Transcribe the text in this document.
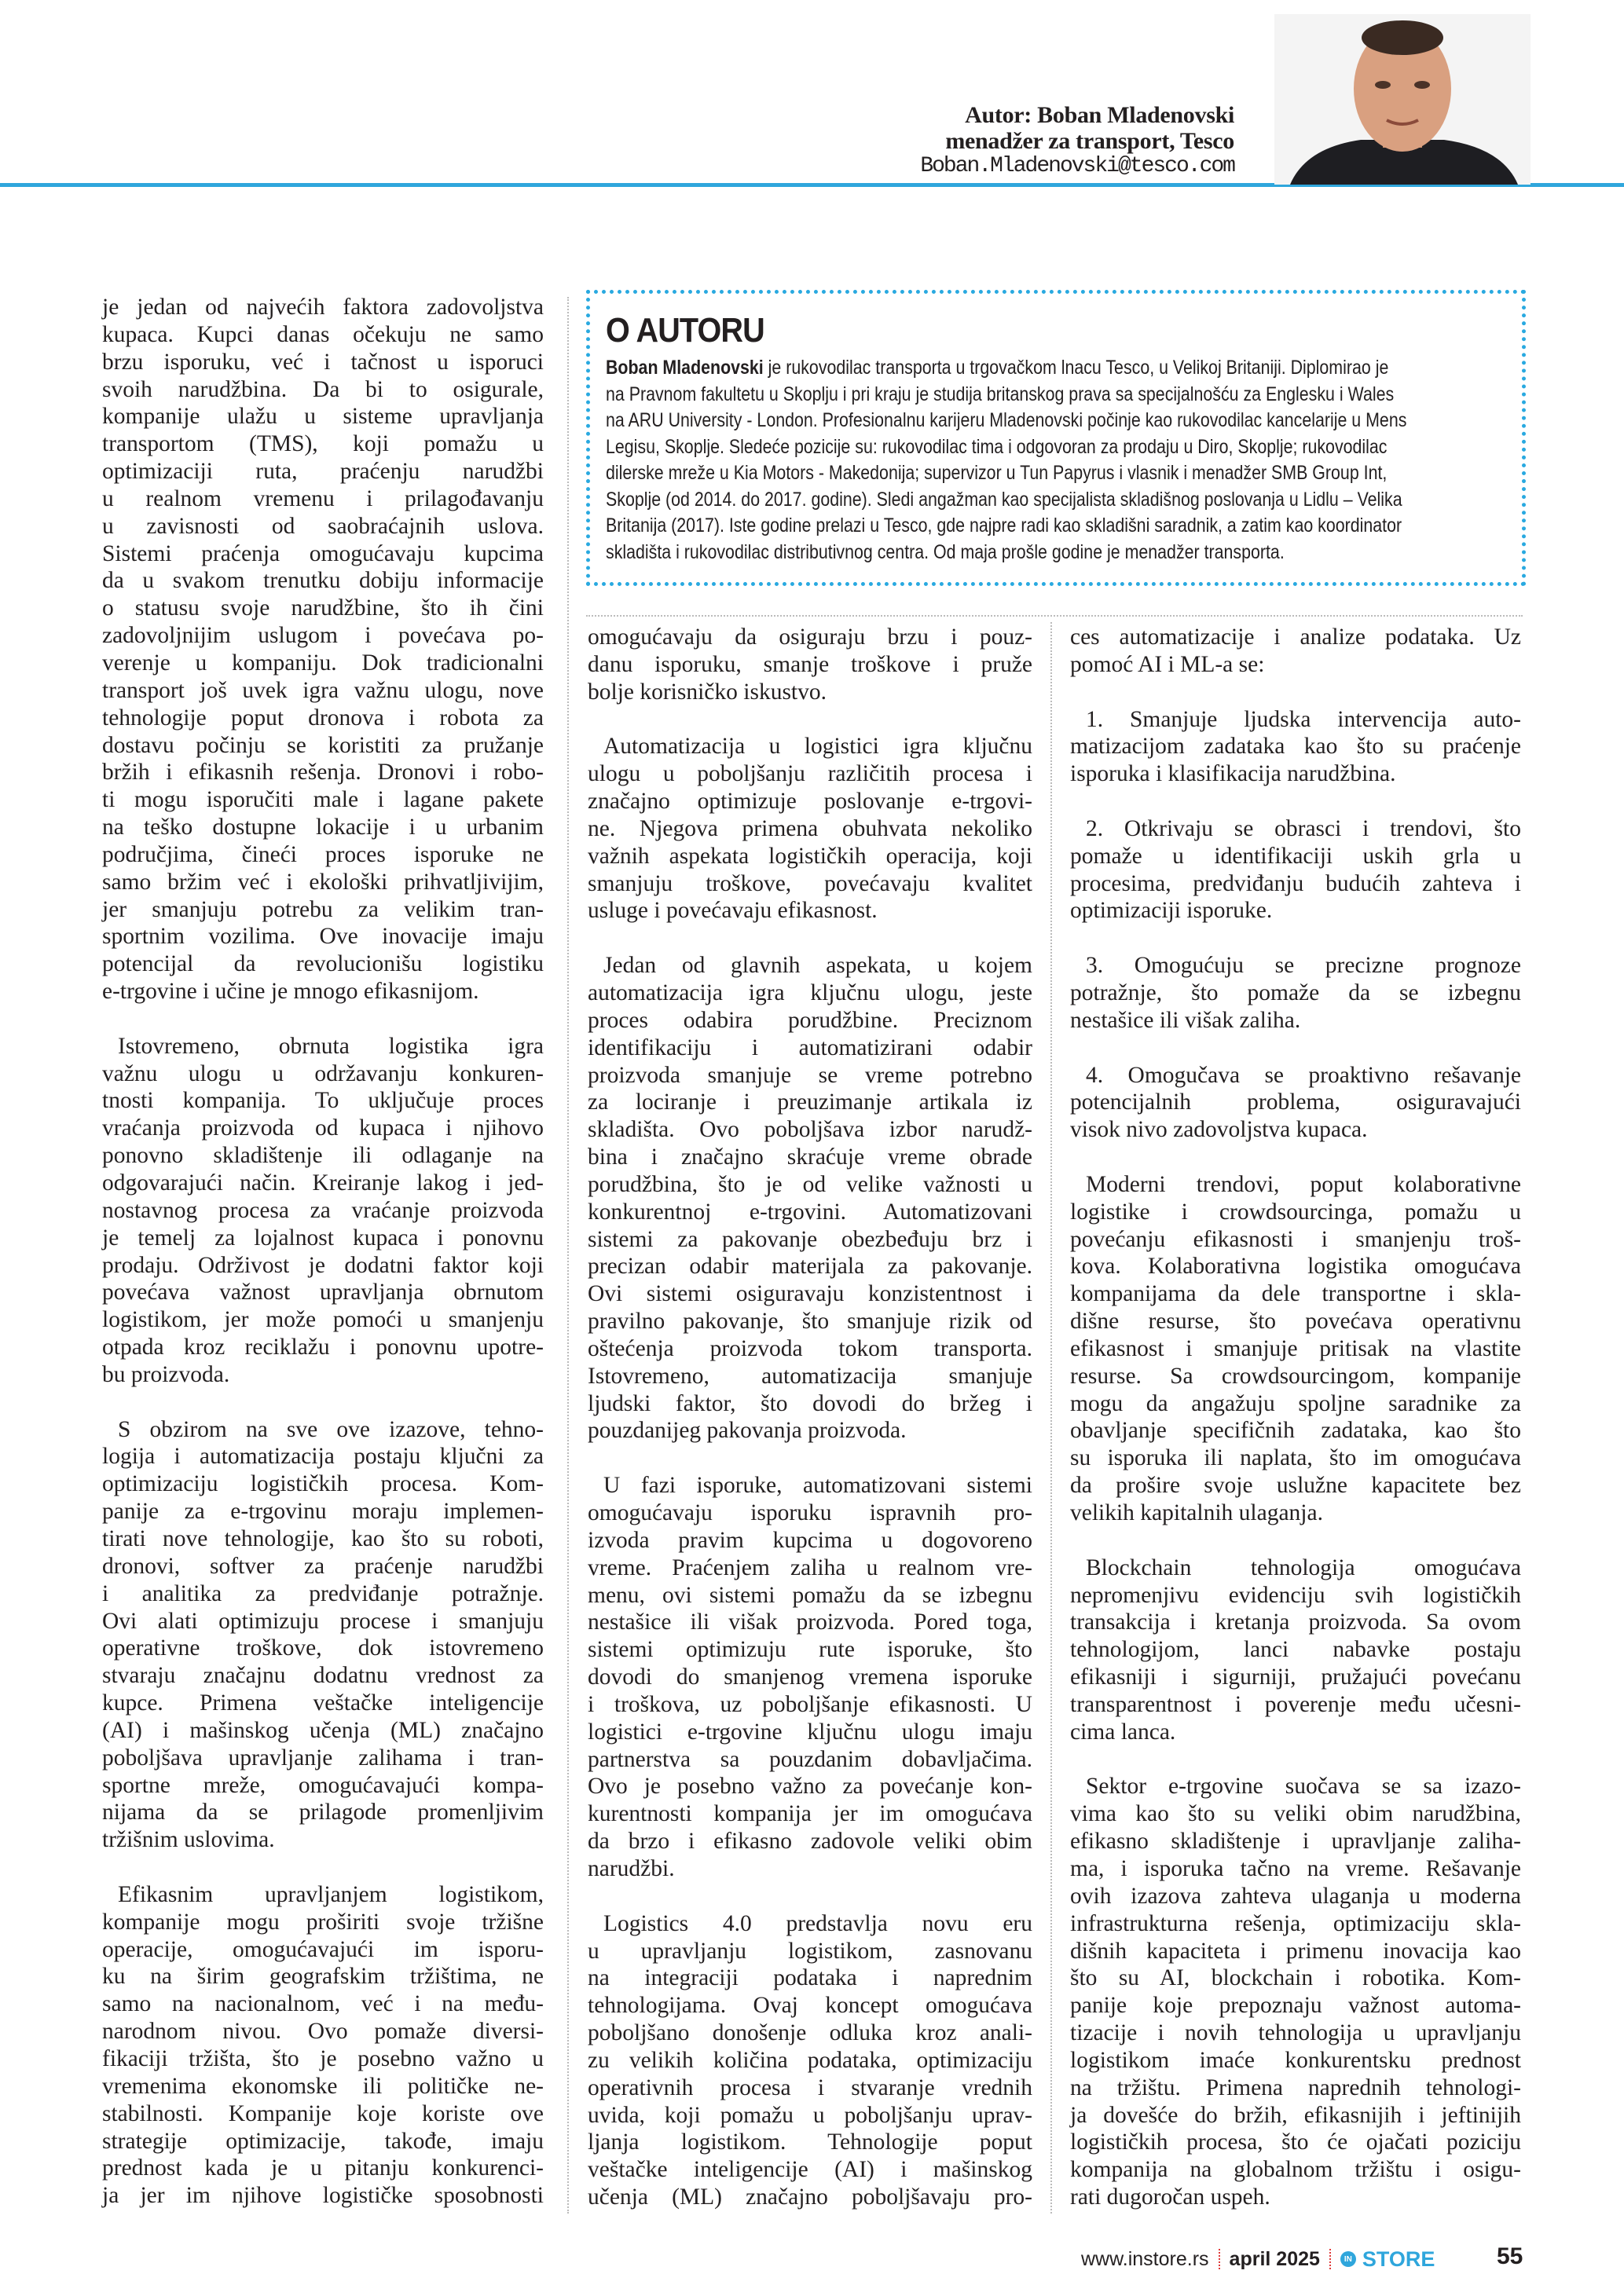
Autor: Boban Mladenovski
menadžer za transport, Tesco
Boban.Mladenovski@tesco.com
O AUTORU
Boban Mladenovski je rukovodilac transporta u trgovačkom lnacu Tesco, u Velikoj Britaniji. Diplomirao je
na Pravnom fakultetu u Skoplju i pri kraju je studija britanskog prava sa specijalnošću za Englesku i Wales
na ARU University - London. Profesionalnu karijeru Mladenovski počinje kao rukovodilac kancelarije u Mens
Legisu, Skoplje. Sledeće pozicije su: rukovodilac tima i odgovoran za prodaju u Diro, Skoplje; rukovodilac
dilerske mreže u Kia Motors - Makedonija; supervizor u Tun Papyrus i vlasnik i menadžer SMB Group Int,
Skoplje (od 2014. do 2017. godine). Sledi angažman kao specijalista skladišnog poslovanja u Lidlu – Velika
Britanija (2017). Iste godine prelazi u Tesco, gde najpre radi kao skladišni saradnik, a zatim kao koordinator
skladišta i rukovodilac distributivnog centra. Od maja prošle godine je menadžer transporta.
je jedan od najvećih faktora zadovoljstva
kupaca. Kupci danas očekuju ne samo
brzu isporuku, već i tačnost u isporuci
svoih narudžbina. Da bi to osigurale,
kompanije ulažu u sisteme upravljanja
transportom (TMS), koji pomažu u
optimizaciji ruta, praćenju narudžbi
u realnom vremenu i prilagođavanju
u zavisnosti od saobraćajnih uslova.
Sistemi praćenja omogućavaju kupcima
da u svakom trenutku dobiju informacije
o statusu svoje narudžbine, što ih čini
zadovoljnijim uslugom i povećava po-
verenje u kompaniju. Dok tradicionalni
transport još uvek igra važnu ulogu, nove
tehnologije poput dronova i robota za
dostavu počinju se koristiti za pružanje
bržih i efikasnih rešenja. Dronovi i robo-
ti mogu isporučiti male i lagane pakete
na teško dostupne lokacije i u urbanim
područjima, čineći proces isporuke ne
samo bržim već i ekološki prihvatljivijim,
jer smanjuju potrebu za velikim tran-
sportnim vozilima. Ove inovacije imaju
potencijal da revolucionišu logistiku
e-trgovine i učine je mnogo efikasnijom.
Istovremeno, obrnuta logistika igra
važnu ulogu u održavanju konkuren-
tnosti kompanija. To uključuje proces
vraćanja proizvoda od kupaca i njihovo
ponovno skladištenje ili odlaganje na
odgovarajući način. Kreiranje lakog i jed-
nostavnog procesa za vraćanje proizvoda
je temelj za lojalnost kupaca i ponovnu
prodaju. Održivost je dodatni faktor koji
povećava važnost upravljanja obrnutom
logistikom, jer može pomoći u smanjenju
otpada kroz reciklažu i ponovnu upotre-
bu proizvoda.
S obzirom na sve ove izazove, tehno-
logija i automatizacija postaju ključni za
optimizaciju logističkih procesa. Kom-
panije za e-trgovinu moraju implemen-
tirati nove tehnologije, kao što su roboti,
dronovi, softver za praćenje narudžbi
i analitika za predviđanje potražnje.
Ovi alati optimizuju procese i smanjuju
operativne troškove, dok istovremeno
stvaraju značajnu dodatnu vrednost za
kupce. Primena veštačke inteligencije
(AI) i mašinskog učenja (ML) značajno
poboljšava upravljanje zalihama i tran-
sportne mreže, omogućavajući kompa-
nijama da se prilagode promenljivim
tržišnim uslovima.
Efikasnim upravljanjem logistikom,
kompanije mogu proširiti svoje tržišne
operacije, omogućavajući im isporu-
ku na širim geografskim tržištima, ne
samo na nacionalnom, već i na među-
narodnom nivou. Ovo pomaže diversi-
fikaciji tržišta, što je posebno važno u
vremenima ekonomske ili političke ne-
stabilnosti. Kompanije koje koriste ove
strategije optimizacije, takođe, imaju
prednost kada je u pitanju konkurenci-
ja jer im njihove logističke sposobnosti
omogućavaju da osiguraju brzu i pouz-
danu isporuku, smanje troškove i pruže
bolje korisničko iskustvo.
Automatizacija u logistici igra ključnu
ulogu u poboljšanju različitih procesa i
značajno optimizuje poslovanje e-trgovi-
ne. Njegova primena obuhvata nekoliko
važnih aspekata logističkih operacija, koji
smanjuju troškove, povećavaju kvalitet
usluge i povećavaju efikasnost.
Jedan od glavnih aspekata, u kojem
automatizacija igra ključnu ulogu, jeste
proces odabira porudžbine. Preciznom
identifikaciju i automatizirani odabir
proizvoda smanjuje se vreme potrebno
za lociranje i preuzimanje artikala iz
skladišta. Ovo poboljšava izbor narudž-
bina i značajno skraćuje vreme obrade
porudžbina, što je od velike važnosti u
konkurentnoj e-trgovini. Automatizovani
sistemi za pakovanje obezbeđuju brz i
precizan odabir materijala za pakovanje.
Ovi sistemi osiguravaju konzistentnost i
pravilno pakovanje, što smanjuje rizik od
oštećenja proizvoda tokom transporta.
Istovremeno, automatizacija smanjuje
ljudski faktor, što dovodi do bržeg i
pouzdanijeg pakovanja proizvoda.
U fazi isporuke, automatizovani sistemi
omogućavaju isporuku ispravnih pro-
izvoda pravim kupcima u dogovoreno
vreme. Praćenjem zaliha u realnom vre-
menu, ovi sistemi pomažu da se izbegnu
nestašice ili višak proizvoda. Pored toga,
sistemi optimizuju rute isporuke, što
dovodi do smanjenog vremena isporuke
i troškova, uz poboljšanje efikasnosti. U
logistici e-trgovine ključnu ulogu imaju
partnerstva sa pouzdanim dobavljačima.
Ovo je posebno važno za povećanje kon-
kurentnosti kompanija jer im omogućava
da brzo i efikasno zadovole veliki obim
narudžbi.
Logistics 4.0 predstavlja novu eru
u upravljanju logistikom, zasnovanu
na integraciji podataka i naprednim
tehnologijama. Ovaj koncept omogućava
poboljšano donošenje odluka kroz anali-
zu velikih količina podataka, optimizaciju
operativnih procesa i stvaranje vrednih
uvida, koji pomažu u poboljšanju uprav-
ljanja logistikom. Tehnologije poput
veštačke inteligencije (AI) i mašinskog
učenja (ML) značajno poboljšavaju pro-
ces automatizacije i analize podataka. Uz
pomoć AI i ML-a se:
1. Smanjuje ljudska intervencija auto-
matizacijom zadataka kao što su praćenje
isporuka i klasifikacija narudžbina.
2. Otkrivaju se obrasci i trendovi, što
pomaže u identifikaciji uskih grla u
procesima, predviđanju budućih zahteva i
optimizaciji isporuke.
3. Omogućuju se precizne prognoze
potražnje, što pomaže da se izbegnu
nestašice ili višak zaliha.
4. Omogučava se proaktivno rešavanje
potencijalnih problema, osiguravajući
visok nivo zadovoljstva kupaca.
Moderni trendovi, poput kolaborativne
logistike i crowdsourcinga, pomažu u
povećanju efikasnosti i smanjenju troš-
kova. Kolaborativna logistika omogućava
kompanijama da dele transportne i skla-
dišne resurse, što povećava operativnu
efikasnost i smanjuje pritisak na vlastite
resurse. Sa crowdsourcingom, kompanije
mogu da angažuju spoljne saradnike za
obavljanje specifičnih zadataka, kao što
su isporuka ili naplata, što im omogućava
da prošire svoje uslužne kapacitete bez
velikih kapitalnih ulaganja.
Blockchain tehnologija omogućava
nepromenjivu evidenciju svih logističkih
transakcija i kretanja proizvoda. Sa ovom
tehnologijom, lanci nabavke postaju
efikasniji i sigurniji, pružajući povećanu
transparentnost i poverenje među učesni-
cima lanca.
Sektor e-trgovine suočava se sa izazo-
vima kao što su veliki obim narudžbina,
efikasno skladištenje i upravljanje zaliha-
ma, i isporuka tačno na vreme. Rešavanje
ovih izazova zahteva ulaganja u moderna
infrastrukturna rešenja, optimizaciju skla-
dišnih kapaciteta i primenu inovacija kao
što su AI, blockchain i robotika. Kom-
panije koje prepoznaju važnost automa-
tizacije i novih tehnologija u upravljanju
logistikom imaće konkurentsku prednost
na tržištu. Primena naprednih tehnologi-
ja dovešće do bržih, efikasnijih i jeftinijih
logističkih procesa, što će ojačati poziciju
kompanija na globalnom tržištu i osigu-
rati dugoročan uspeh.
www.instore.rs april 2025	IN STORE	55
